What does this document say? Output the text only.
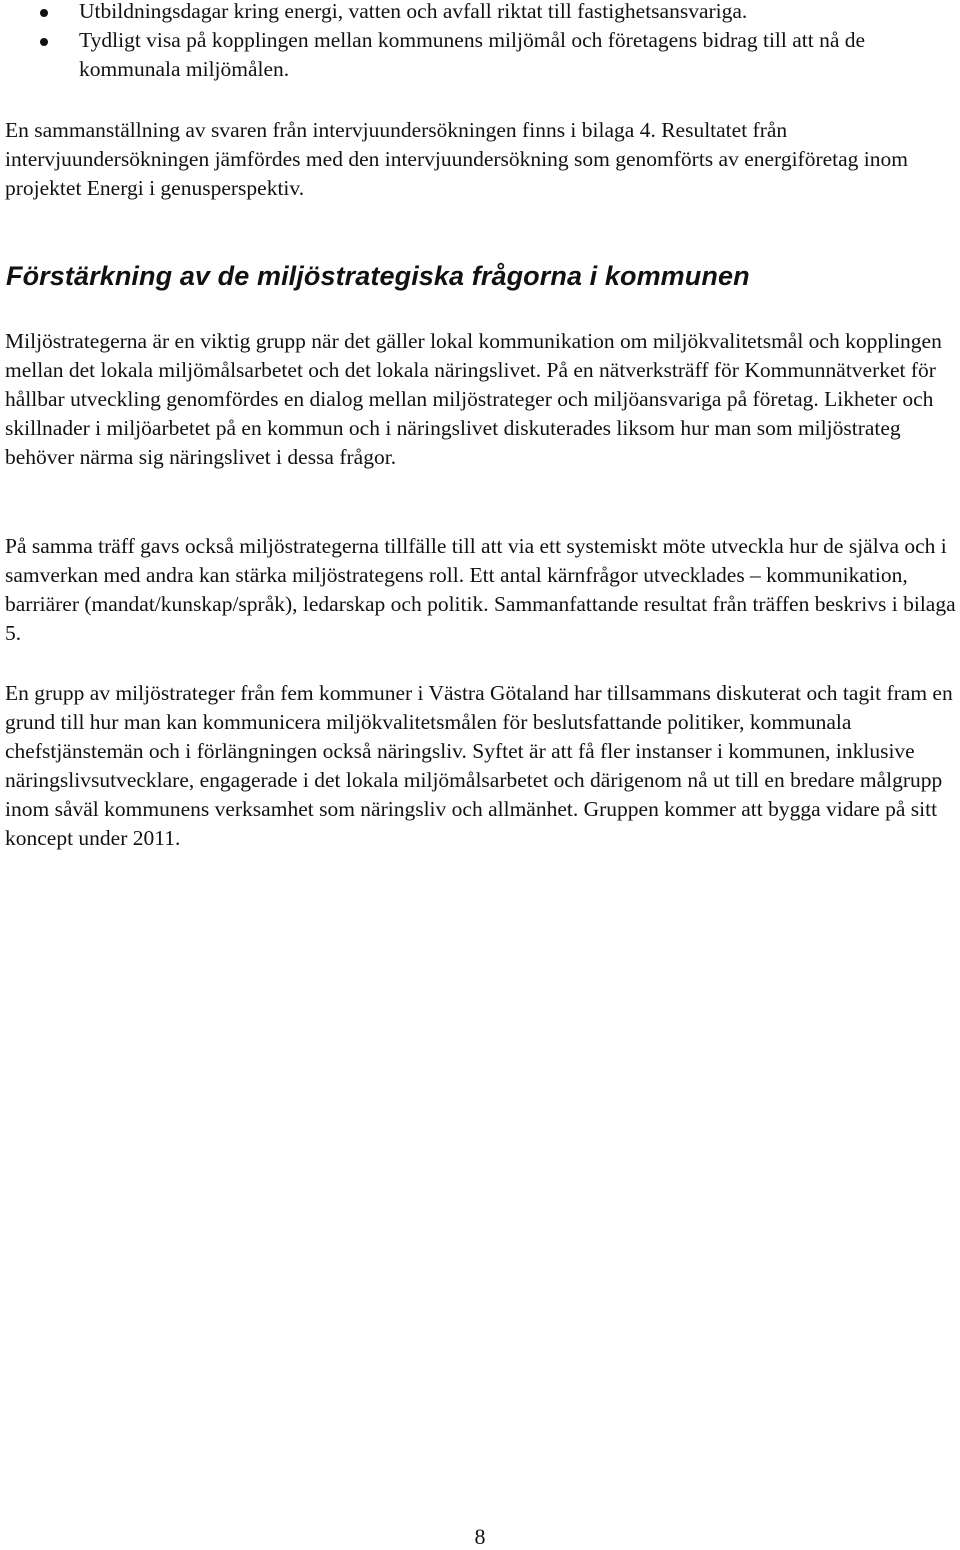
Utbildningsdagar kring energi, vatten och avfall riktat till fastighetsansvariga.
Tydligt visa på kopplingen mellan kommunens miljömål och företagens bidrag till att nå de kommunala miljömålen.

En sammanställning av svaren från intervjuundersökningen finns i bilaga 4. Resultatet från intervjuundersökningen jämfördes med den intervjuundersökning som genomförts av energiföretag inom projektet Energi i genusperspektiv.

Förstärkning av de miljöstrategiska frågorna i kommunen

Miljöstrategerna är en viktig grupp när det gäller lokal kommunikation om miljökvalitetsmål och kopplingen mellan det lokala miljömålsarbetet och det lokala näringslivet. På en nätverksträff för Kommunnätverket för hållbar utveckling genomfördes en dialog mellan miljöstrateger och miljöansvariga på företag. Likheter och skillnader i miljöarbetet på en kommun och i näringslivet diskuterades liksom hur man som miljöstrateg behöver närma sig näringslivet i dessa frågor.

På samma träff gavs också miljöstrategerna tillfälle till att via ett systemiskt möte utveckla hur de själva och i samverkan med andra kan stärka miljöstrategens roll. Ett antal kärnfrågor utvecklades – kommunikation, barriärer (mandat/kunskap/språk), ledarskap och politik. Sammanfattande resultat från träffen beskrivs i bilaga 5.

En grupp av miljöstrateger från fem kommuner i Västra Götaland har tillsammans diskuterat och tagit fram en grund till hur man kan kommunicera miljökvalitetsmålen för beslutsfattande politiker, kommunala chefstjänstemän och i förlängningen också näringsliv. Syftet är att få fler instanser i kommunen, inklusive näringslivsutvecklare, engagerade i det lokala miljömålsarbetet och därigenom nå ut till en bredare målgrupp inom såväl kommunens verksamhet som näringsliv och allmänhet. Gruppen kommer att bygga vidare på sitt koncept under 2011.

8
